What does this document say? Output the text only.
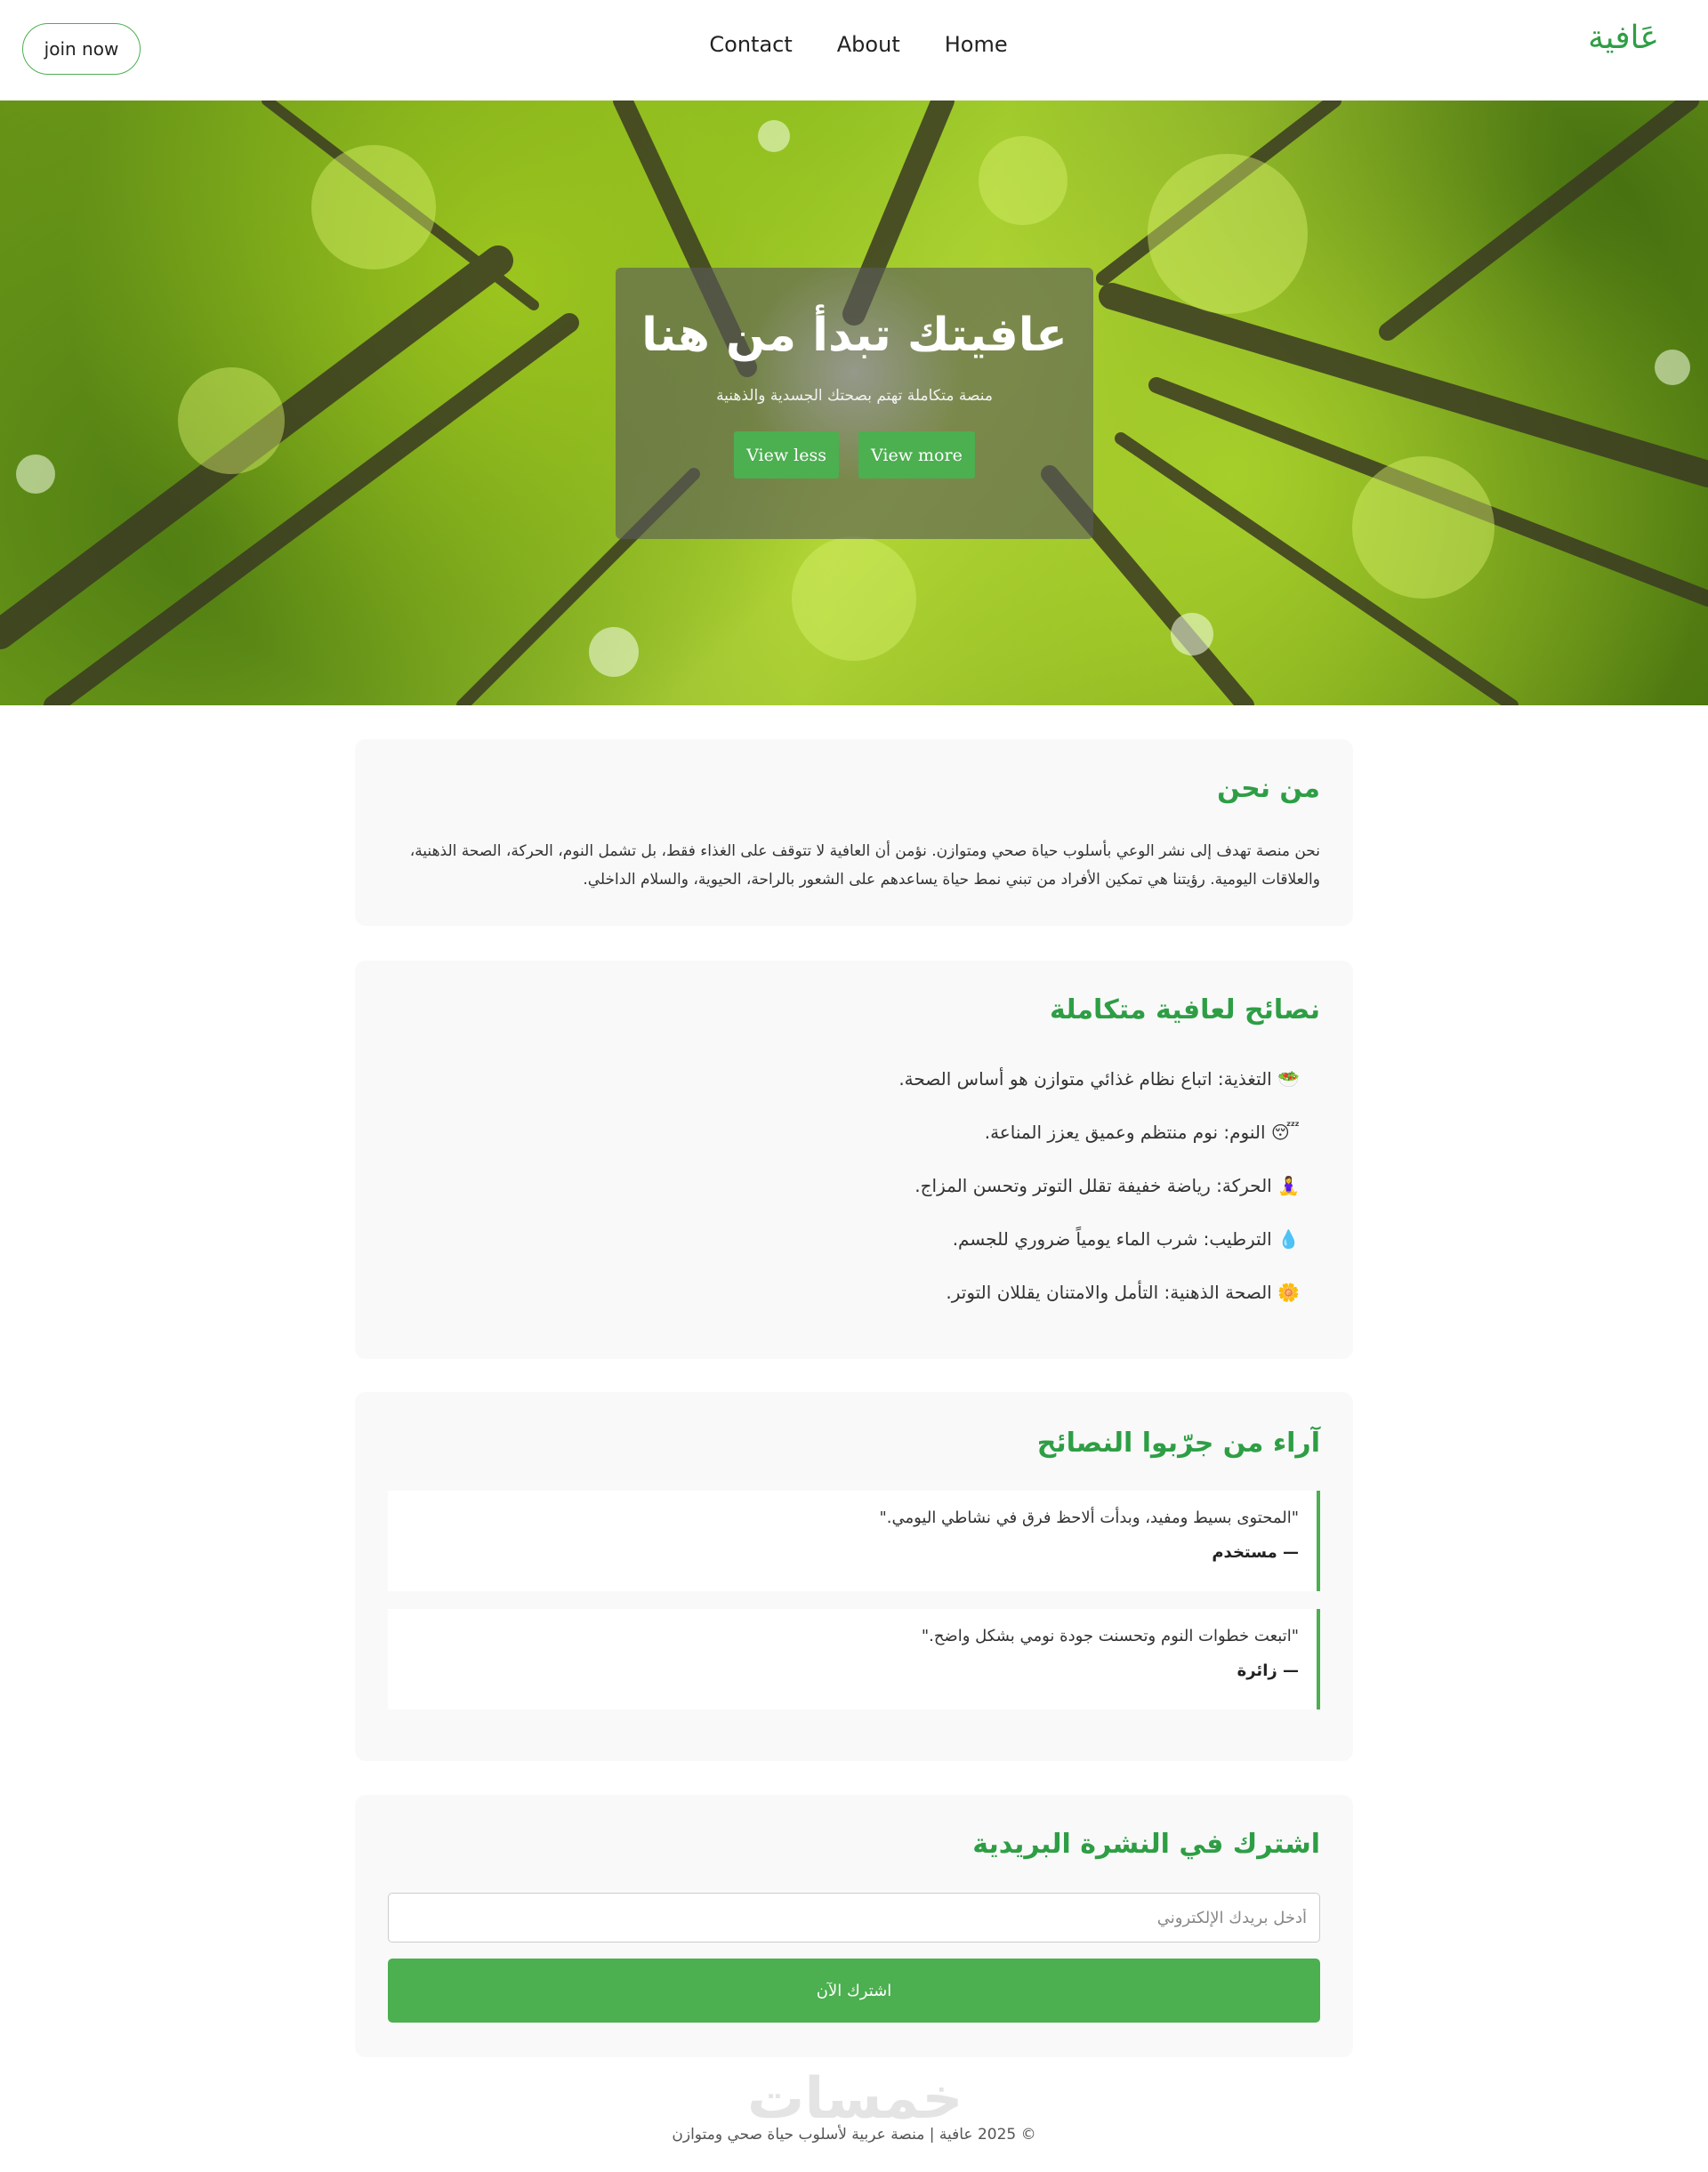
join now	Contact About Home	عَافية
عافيتك تبدأ من هنا
منصة متكاملة تهتم بصحتك الجسدية والذهنية
View less	View more
من نحن
نحن منصة تهدف إلى نشر الوعي بأسلوب حياة صحي ومتوازن. نؤمن أن العافية لا تتوقف على الغذاء فقط، بل تشمل النوم، الحركة، الصحة الذهنية، والعلاقات اليومية. رؤيتنا هي تمكين الأفراد من تبني نمط حياة يساعدهم على الشعور بالراحة، الحيوية، والسلام الداخلي.
نصائح لعافية متكاملة
🥗 التغذية: اتباع نظام غذائي متوازن هو أساس الصحة.
😴 النوم: نوم منتظم وعميق يعزز المناعة.
🧘‍♀️ الحركة: رياضة خفيفة تقلل التوتر وتحسن المزاج.
💧 الترطيب: شرب الماء يومياً ضروري للجسم.
🌼 الصحة الذهنية: التأمل والامتنان يقللان التوتر.
آراء من جرّبوا النصائح
"المحتوى بسيط ومفيد، وبدأت ألاحظ فرق في نشاطي اليومي."
— مستخدم
"اتبعت خطوات النوم وتحسنت جودة نومي بشكل واضح."
— زائرة
اشترك في النشرة البريدية
أدخل بريدك الإلكتروني
اشترك الآن
خمسات
© 2025 عافية | منصة عربية لأسلوب حياة صحي ومتوازن
